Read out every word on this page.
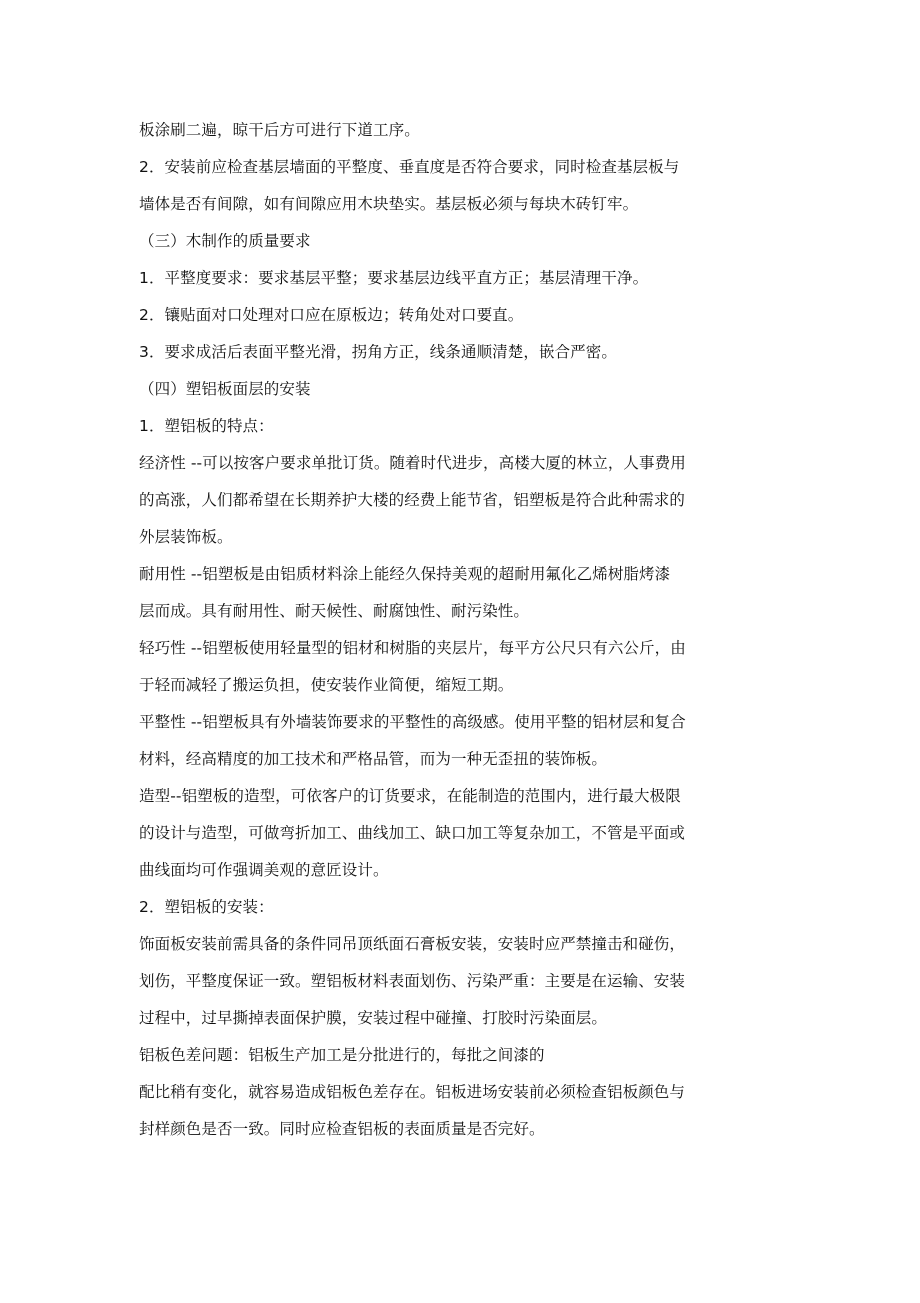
板涂刷二遍，晾干后方可进行下道工序。
2．安装前应检查基层墙面的平整度、垂直度是否符合要求，同时检查基层板与
墙体是否有间隙，如有间隙应用木块垫实。基层板必须与每块木砖钉牢。
（三）木制作的质量要求
1．平整度要求：要求基层平整；要求基层边线平直方正；基层清理干净。
2．镶贴面对口处理对口应在原板边；转角处对口要直。
3．要求成活后表面平整光滑，拐角方正，线条通顺清楚，嵌合严密。
（四）塑铝板面层的安装
1．塑铝板的特点：
经济性 --可以按客户要求单批订货。随着时代进步，高楼大厦的林立，人事费用
的高涨，人们都希望在长期养护大楼的经费上能节省，铝塑板是符合此种需求的
外层装饰板。
耐用性 --铝塑板是由铝质材料涂上能经久保持美观的超耐用氟化乙烯树脂烤漆
层而成。具有耐用性、耐天候性、耐腐蚀性、耐污染性。
轻巧性 --铝塑板使用轻量型的铝材和树脂的夹层片，每平方公尺只有六公斤，由
于轻而减轻了搬运负担，使安装作业简便，缩短工期。
平整性 --铝塑板具有外墙装饰要求的平整性的高级感。使用平整的铝材层和复合
材料，经高精度的加工技术和严格品管，而为一种无歪扭的装饰板。
造型--铝塑板的造型，可依客户的订货要求，在能制造的范围内，进行最大极限
的设计与造型，可做弯折加工、曲线加工、缺口加工等复杂加工，不管是平面或
曲线面均可作强调美观的意匠设计。
2．塑铝板的安装：
饰面板安装前需具备的条件同吊顶纸面石膏板安装，安装时应严禁撞击和碰伤，
划伤，平整度保证一致。塑铝板材料表面划伤、污染严重：主要是在运输、安装
过程中，过早撕掉表面保护膜，安装过程中碰撞、打胶时污染面层。
铝板色差问题：铝板生产加工是分批进行的，每批之间漆的
配比稍有变化，就容易造成铝板色差存在。铝板进场安装前必须检查铝板颜色与
封样颜色是否一致。同时应检查铝板的表面质量是否完好。
